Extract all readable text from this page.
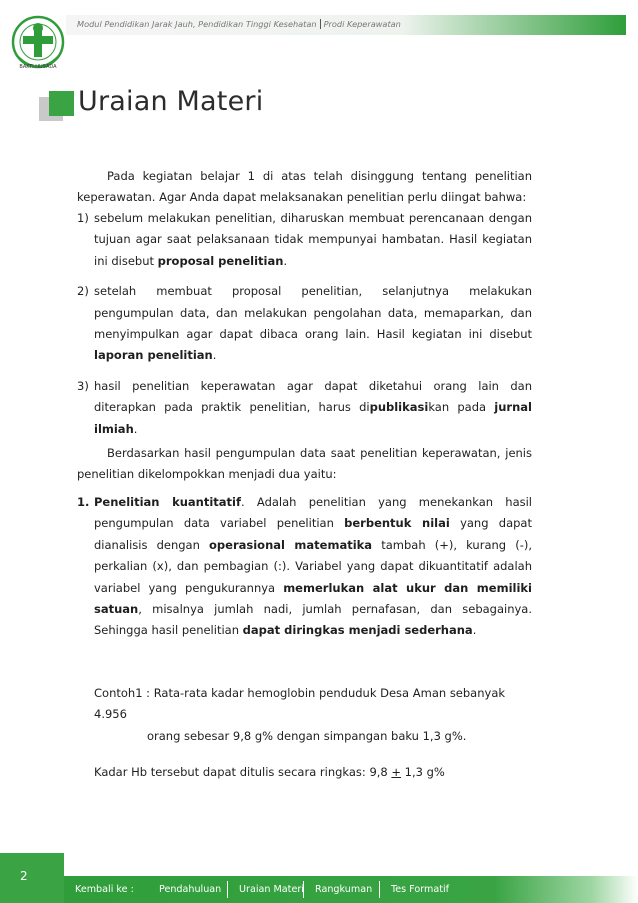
Modul Pendidikan Jarak Jauh, Pendidikan Tinggi Kesehatan Prodi Keperawatan
BAKTI HUSADA
Uraian Materi
Pada kegiatan belajar 1 di atas telah disinggung tentang penelitian keperawatan. Agar Anda dapat melaksanakan penelitian perlu diingat bahwa:
1) sebelum melakukan penelitian, diharuskan membuat perencanaan dengan tujuan agar saat pelaksanaan tidak mempunyai hambatan. Hasil kegiatan ini disebut proposal penelitian.
2) setelah membuat proposal penelitian, selanjutnya melakukan pengumpulan data, dan melakukan pengolahan data, memaparkan, dan menyimpulkan agar dapat dibaca orang lain. Hasil kegiatan ini disebut laporan penelitian.
3) hasil penelitian keperawatan agar dapat diketahui orang lain dan diterapkan pada praktik penelitian, harus dipublikasikan pada jurnal ilmiah.
Berdasarkan hasil pengumpulan data saat penelitian keperawatan, jenis penelitian dikelompokkan menjadi dua yaitu:
1. Penelitian kuantitatif. Adalah penelitian yang menekankan hasil pengumpulan data variabel penelitian berbentuk nilai yang dapat dianalisis dengan operasional matematika tambah (+), kurang (-), perkalian (x), dan pembagian (:). Variabel yang dapat dikuantitatif adalah variabel yang pengukurannya memerlukan alat ukur dan memiliki satuan, misalnya jumlah nadi, jumlah pernafasan, dan sebagainya. Sehingga hasil penelitian dapat diringkas menjadi sederhana.
Contoh1 : Rata-rata kadar hemoglobin penduduk Desa Aman sebanyak 4.956
orang sebesar 9,8 g% dengan simpangan baku 1,3 g%.
Kadar Hb tersebut dapat ditulis secara ringkas: 9,8 + 1,3 g%
2
Kembali ke :	Pendahuluan	Uraian Materi	Rangkuman	Tes Formatif
